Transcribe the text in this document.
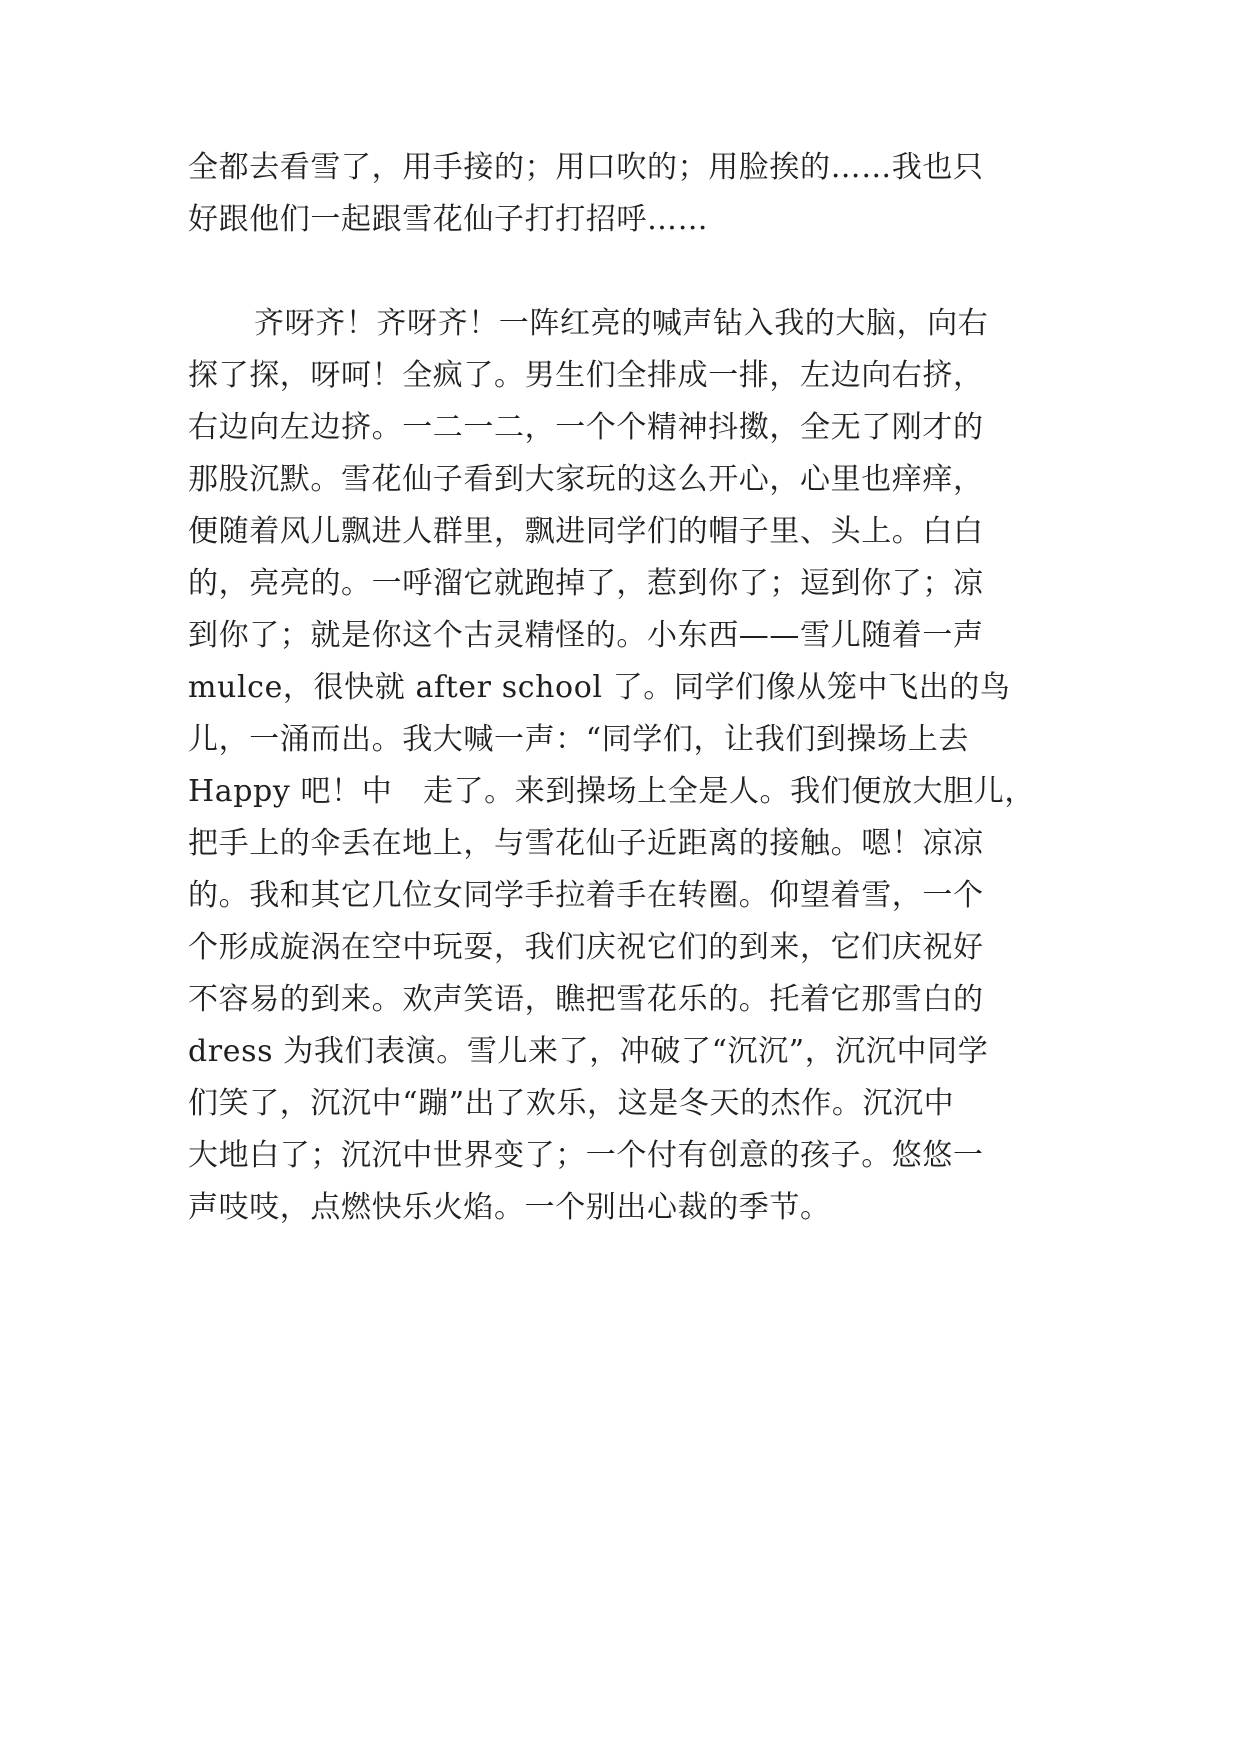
全都去看雪了，用手接的；用口吹的；用脸挨的……我也只
好跟他们一起跟雪花仙子打打招呼……
齐呀齐！齐呀齐！一阵红亮的喊声钻入我的大脑，向右
探了探，呀呵！全疯了。男生们全排成一排，左边向右挤，
右边向左边挤。一二一二，一个个精神抖擞，全无了刚才的
那股沉默。雪花仙子看到大家玩的这么开心，心里也痒痒，
便随着风儿飘进人群里，飘进同学们的帽子里、头上。白白
的，亮亮的。一呼溜它就跑掉了，惹到你了；逗到你了；凉
到你了；就是你这个古灵精怪的。小东西——雪儿随着一声
mulce，很快就 after school 了。同学们像从笼中飞出的鸟
儿，一涌而出。我大喊一声：“同学们，让我们到操场上去
Happy 吧！中　走了。来到操场上全是人。我们便放大胆儿，
把手上的伞丢在地上，与雪花仙子近距离的接触。嗯！凉凉
的。我和其它几位女同学手拉着手在转圈。仰望着雪，一个
个形成旋涡在空中玩耍，我们庆祝它们的到来，它们庆祝好
不容易的到来。欢声笑语，瞧把雪花乐的。托着它那雪白的
dress 为我们表演。雪儿来了，冲破了“沉沉”，沉沉中同学
们笑了，沉沉中“蹦”出了欢乐，这是冬天的杰作。沉沉中
大地白了；沉沉中世界变了；一个付有创意的孩子。悠悠一
声吱吱，点燃快乐火焰。一个别出心裁的季节。
